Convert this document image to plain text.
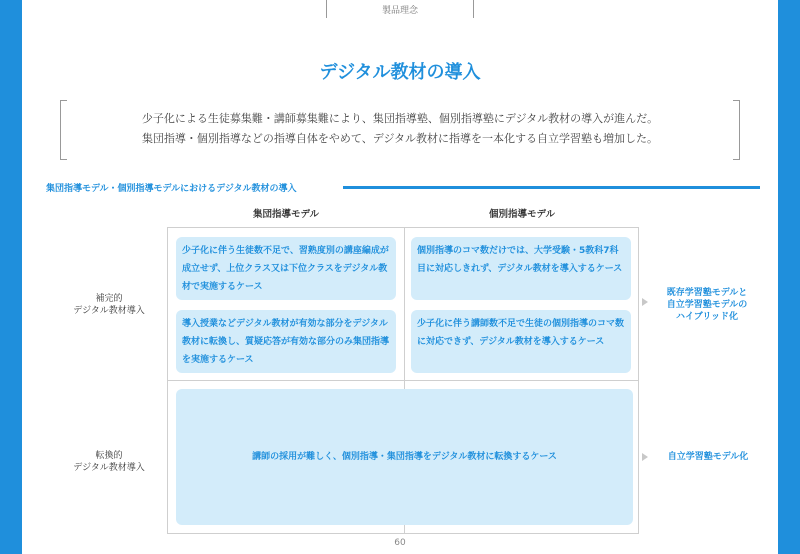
製品理念
デジタル教材の導入
少子化による生徒募集難・講師募集難により、集団指導塾、個別指導塾にデジタル教材の導入が進んだ。
集団指導・個別指導などの指導自体をやめて、デジタル教材に指導を一本化する自立学習塾も増加した。
集団指導モデル・個別指導モデルにおけるデジタル教材の導入
集団指導モデル	個別指導モデル
補完的
デジタル教材導入
転換的
デジタル教材導入
少子化に伴う生徒数不足で、習熟度別の講座編成が成立せず、上位クラス又は下位クラスをデジタル教材で実施するケース
導入授業などデジタル教材が有効な部分をデジタル教材に転換し、質疑応答が有効な部分のみ集団指導を実施するケース
個別指導のコマ数だけでは、大学受験・5教科7科目に対応しきれず、デジタル教材を導入するケース
少子化に伴う講師数不足で生徒の個別指導のコマ数に対応できず、デジタル教材を導入するケース
講師の採用が難しく、個別指導・集団指導をデジタル教材に転換するケース
既存学習塾モデルと
自立学習塾モデルの
ハイブリッド化
自立学習塾モデル化
60
